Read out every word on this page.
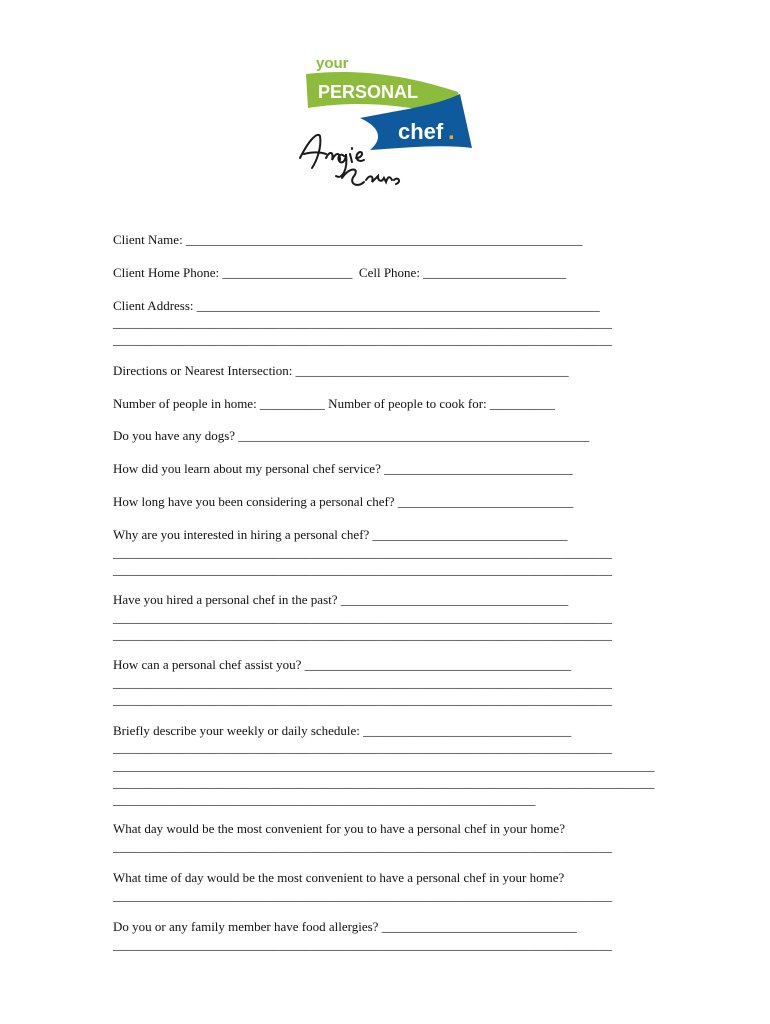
your
PERSONAL
chef .
Client Name: _____________________________________________________________
Client Home Phone: ____________________  Cell Phone: ______________________
Client Address: ______________________________________________________________
______________________________________________________________________________
______________________________________________________________________________
Directions or Nearest Intersection: __________________________________________
Number of people in home: __________ Number of people to cook for: __________
Do you have any dogs? ______________________________________________________
How did you learn about my personal chef service? _____________________________
How long have you been considering a personal chef? ___________________________
Why are you interested in hiring a personal chef? ______________________________
______________________________________________________________________________
______________________________________________________________________________
Have you hired a personal chef in the past? ___________________________________
______________________________________________________________________________
______________________________________________________________________________
How can a personal chef assist you? _________________________________________
______________________________________________________________________________
______________________________________________________________________________
Briefly describe your weekly or daily schedule: ________________________________
______________________________________________________________________________
_____________________________________________________________________________________
_____________________________________________________________________________________
_________________________________________________________________
What day would be the most convenient for you to have a personal chef in your home?
______________________________________________________________________________
What time of day would be the most convenient to have a personal chef in your home?
______________________________________________________________________________
Do you or any family member have food allergies? ______________________________
______________________________________________________________________________
